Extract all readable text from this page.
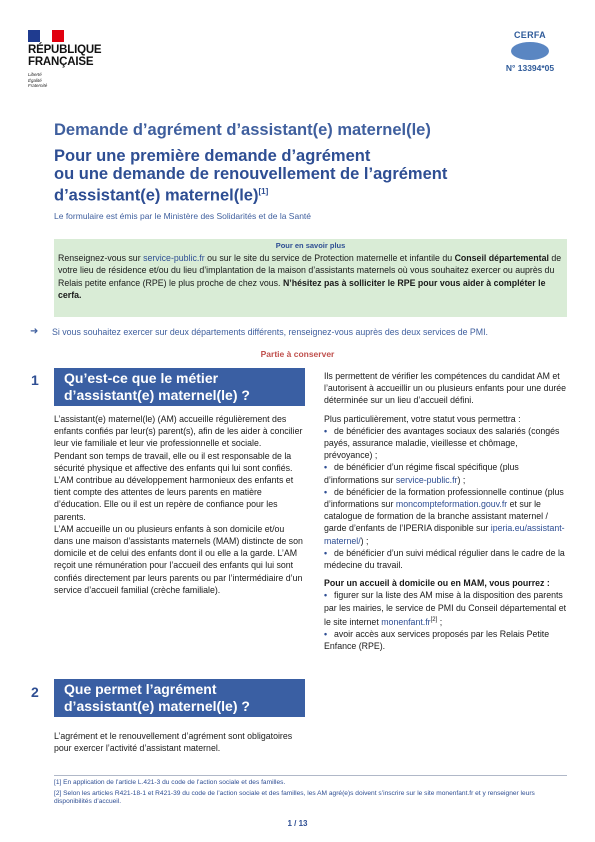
RÉPUBLIQUE
FRANÇAISE
Liberté
Égalité
Fraternité
CERFA
N° 13394*05
Demande d’agrément d’assistant(e) maternel(le)
Pour une première demande d’agrément
ou une demande de renouvellement de l’agrément
d’assistant(e) maternel(le)[1]
Le formulaire est émis par le Ministère des Solidarités et de la Santé
Pour en savoir plus
Renseignez-vous sur service-public.fr ou sur le site du service de Protection maternelle et infantile du Conseil départemental de votre lieu de résidence et/ou du lieu d’implantation de la maison d’assistants maternels où vous souhaitez exercer ou auprès du Relais petite enfance (RPE) le plus proche de chez vous. N’hésitez pas à solliciter le RPE pour vous aider à compléter le cerfa.
➜	Si vous souhaitez exercer sur deux départements différents, renseignez-vous auprès des deux services de PMI.
Partie à conserver
1 Qu’est-ce que le métier
d’assistant(e) maternel(le) ?

L’assistant(e) maternel(le) (AM) accueille régulièrement des enfants confiés par leur(s) parent(s), afin de les aider à concilier leur vie familiale et leur vie professionnelle et sociale.

Pendant son temps de travail, elle ou il est responsable de la sécurité physique et affective des enfants qui lui sont confiés. L’AM contribue au développement harmonieux des enfants et tient compte des attentes de leurs parents en matière d’éducation. Elle ou il est un repère de confiance pour les parents.

L’AM accueille un ou plusieurs enfants à son domicile et/ou dans une maison d’assistants maternels (MAM) distincte de son domicile et de celui des enfants dont il ou elle a la garde. L’AM reçoit une rémunération pour l’accueil des enfants qui lui sont confiés directement par leurs parents ou par l’intermédiaire d’un service d’accueil familial (crèche familiale).

2 Que permet l’agrément
d’assistant(e) maternel(le) ?

L’agrément et le renouvellement d’agrément sont obligatoires pour exercer l’activité d’assistant maternel.

Ils permettent de vérifier les compétences du candidat AM et l’autorisent à accueillir un ou plusieurs enfants pour une durée déterminée sur un lieu d’accueil défini.

Plus particulièrement, votre statut vous permettra :

• de bénéficier des avantages sociaux des salariés (congés payés, assurance maladie, vieillesse et chômage, prévoyance) ;

• de bénéficier d’un régime fiscal spécifique (plus d’informations sur service-public.fr) ;

• de bénéficier de la formation professionnelle continue (plus d’informations sur moncompteformation.gouv.fr et sur le catalogue de formation de la branche assistant maternel / garde d’enfants de l’IPERIA disponible sur iperia.eu/assistant-maternel/) ;

• de bénéficier d’un suivi médical régulier dans le cadre de la médecine du travail.

Pour un accueil à domicile ou en MAM, vous pourrez :

• figurer sur la liste des AM mise à la disposition des parents par les mairies, le service de PMI du Conseil départemental et le site internet monenfant.fr[2] ;

• avoir accès aux services proposés par les Relais Petite Enfance (RPE).

[1] En application de l’article L.421-3 du code de l’action sociale et des familles.
[2] Selon les articles R421-18-1 et R421-39 du code de l’action sociale et des familles, les AM agré(e)s doivent s’inscrire sur le site monenfant.fr et y renseigner leurs disponibilités d’accueil.
1 / 13
